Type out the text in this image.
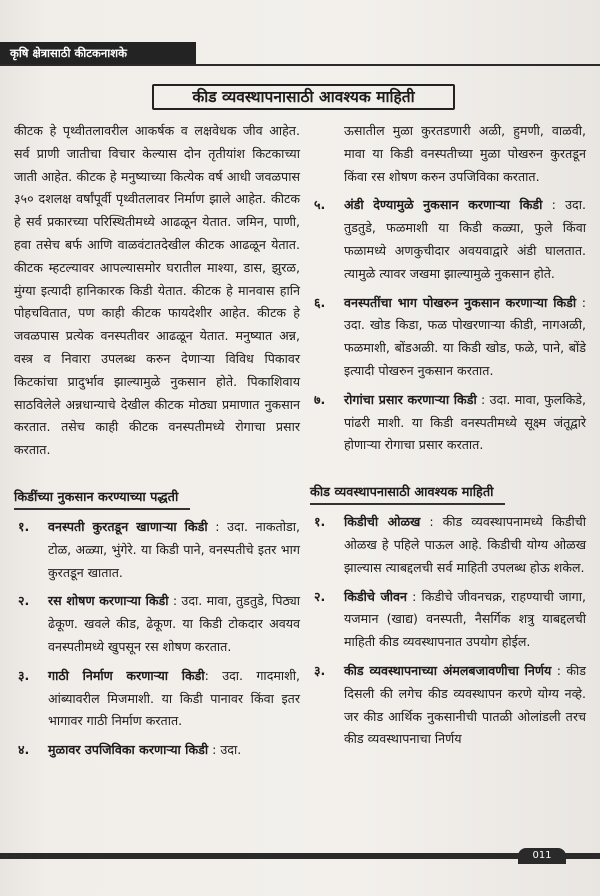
कृषि क्षेत्रासाठी कीटकनाशके
कीड व्यवस्थापनासाठी आवश्यक माहिती

कीटक हे पृथ्वीतलावरील आकर्षक व लक्षवेधक जीव आहेत. सर्व प्राणी जातीचा विचार केल्यास दोन तृतीयांश किटकाच्या जाती आहेत. कीटक हे मनुष्याच्या कित्येक वर्ष आधी जवळपास ३५० दशलक्ष वर्षांपूर्वी पृथ्वीतलावर निर्माण झाले आहेत. कीटक हे सर्व प्रकारच्या परिस्थितीमध्ये आढळून येतात. जमिन, पाणी, हवा तसेच बर्फ आणि वाळवंटातदेखील कीटक आढळून येतात. कीटक म्हटल्यावर आपल्यासमोर घरातील माश्या, डास, झुरळ, मुंग्या इत्यादी हानिकारक किडी येतात. कीटक हे मानवास हानि पोहचवितात, पण काही कीटक फायदेशीर आहेत. कीटक हे जवळपास प्रत्येक वनस्पतीवर आढळून येतात. मनुष्यात अन्न, वस्त्र व निवारा उपलब्ध करुन देणाऱ्या विविध पिकावर किटकांचा प्रादुर्भाव झाल्यामुळे नुकसान होते. पिकाशिवाय साठविलेले अन्नधान्याचे देखील कीटक मोठ्या प्रमाणात नुकसान करतात. तसेच काही कीटक वनस्पतीमध्ये रोगाचा प्रसार करतात.

किडींच्या नुकसान करण्याच्या पद्धती

१. वनस्पती कुरतडून खाणाऱ्या किडी : उदा. नाकतोडा, टोळ, अळ्या, भुंगेरे. या किडी पाने, वनस्पतीचे इतर भाग कुरतडून खातात.

२. रस शोषण करणाऱ्या किडी : उदा. मावा, तुडतुडे, पिठ्या ढेकूण. खवले कीड, ढेकूण. या किडी टोकदार अवयव वनस्पतीमध्ये खुपसून रस शोषण करतात.

३. गाठी निर्माण करणाऱ्या किडी: उदा. गादमाशी, आंब्यावरील मिजमाशी. या किडी पानावर किंवा इतर भागावर गाठी निर्माण करतात.

४. मुळावर उपजिविका करणाऱ्या किडी : उदा.

ऊसातील मुळा कुरतडणारी अळी, हुमणी, वाळवी, मावा या किडी वनस्पतीच्या मुळा पोखरुन कुरतडून किंवा रस शोषण करुन उपजिविका करतात.

५. अंडी देण्यामुळे नुकसान करणाऱ्या किडी : उदा. तुडतुडे, फळमाशी या किडी कळ्या, फुले किंवा फळामध्ये अणकुचीदार अवयवाद्वारे अंडी घालतात. त्यामुळे त्यावर जखमा झाल्यामुळे नुकसान होते.

६. वनस्पतींचा भाग पोखरुन नुकसान करणाऱ्या किडी : उदा. खोड किडा, फळ पोखरणाऱ्या कीडी, नागअळी, फळमाशी, बोंडअळी. या किडी खोड, फळे, पाने, बोंडे इत्यादी पोखरुन नुकसान करतात.

७. रोगांचा प्रसार करणाऱ्या किडी : उदा. मावा, फुलकिडे, पांढरी माशी. या किडी वनस्पतीमध्ये सूक्ष्म जंतूद्वारे होणाऱ्या रोगाचा प्रसार करतात.

कीड व्यवस्थापनासाठी आवश्यक माहिती

१. किडीची ओळख : कीड व्यवस्थापनामध्ये किडीची ओळख हे पहिले पाऊल आहे. किडीची योग्य ओळख झाल्यास त्याबद्दलची सर्व माहिती उपलब्ध होऊ शकेल.

२. किडीचे जीवन : किडीचे जीवनचक्र, राहण्याची जागा, यजमान (खाद्य) वनस्पती, नैसर्गिक शत्रु याबद्दलची माहिती कीड व्यवस्थापनात उपयोग होईल.

३. कीड व्यवस्थापनाच्या अंमलबजावणीचा निर्णय : कीड दिसली की लगेच कीड व्यवस्थापन करणे योग्य नव्हे. जर कीड आर्थिक नुकसानीची पातळी ओलांडली तरच कीड व्यवस्थापनाचा निर्णय

011
